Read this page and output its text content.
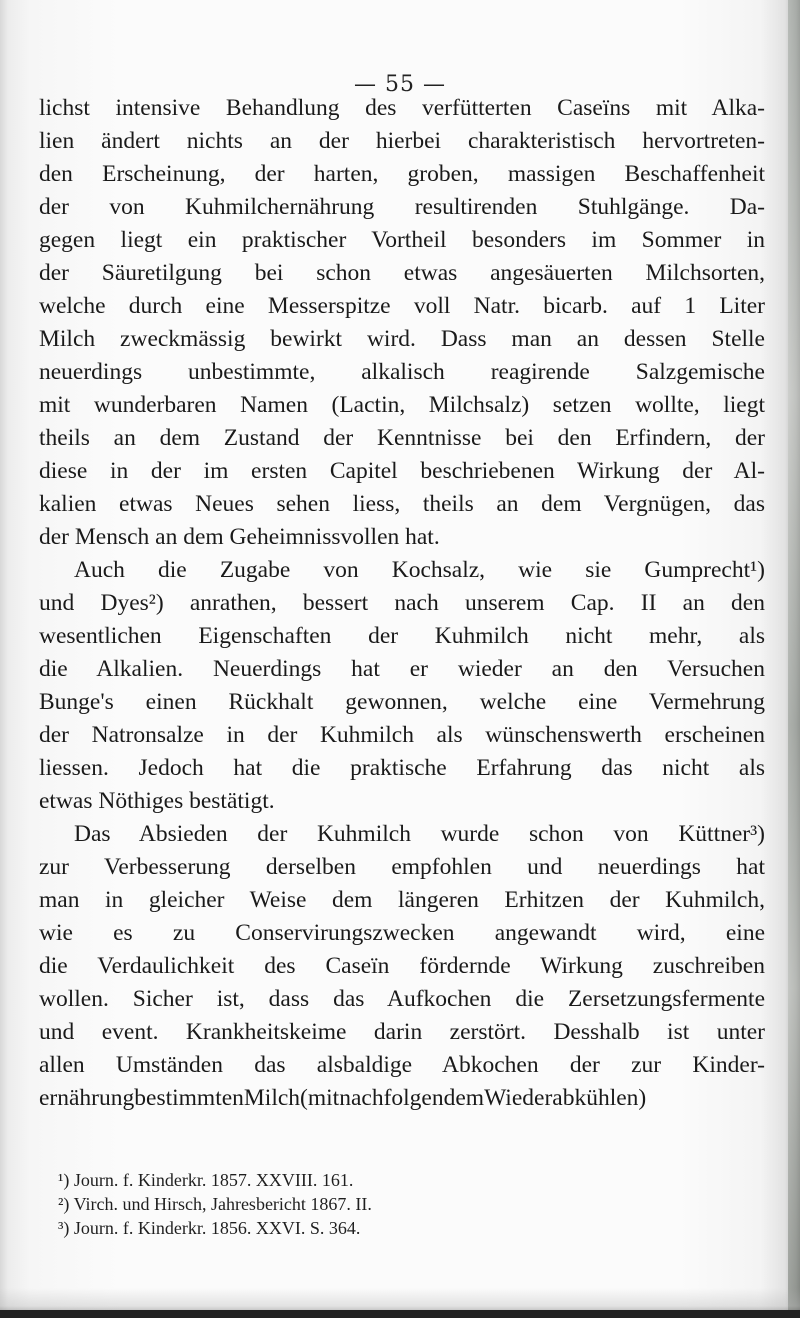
— 55 —
lichst intensive Behandlung des verfütterten Caseïns mit Alka-
lien ändert nichts an der hierbei charakteristisch hervortreten-
den Erscheinung, der harten, groben, massigen Beschaffenheit
der von Kuhmilchernährung resultirenden Stuhlgänge. Da-
gegen liegt ein praktischer Vortheil besonders im Sommer in
der Säuretilgung bei schon etwas angesäuerten Milchsorten,
welche durch eine Messerspitze voll Natr. bicarb. auf 1 Liter
Milch zweckmässig bewirkt wird. Dass man an dessen Stelle
neuerdings unbestimmte, alkalisch reagirende Salzgemische
mit wunderbaren Namen (Lactin, Milchsalz) setzen wollte, liegt
theils an dem Zustand der Kenntnisse bei den Erfindern, der
diese in der im ersten Capitel beschriebenen Wirkung der Al-
kalien etwas Neues sehen liess, theils an dem Vergnügen, das
der Mensch an dem Geheimnissvollen hat.
Auch die Zugabe von Kochsalz, wie sie Gumprecht¹)
und Dyes²) anrathen, bessert nach unserem Cap. II an den
wesentlichen Eigenschaften der Kuhmilch nicht mehr, als
die Alkalien. Neuerdings hat er wieder an den Versuchen
Bunge's einen Rückhalt gewonnen, welche eine Vermehrung
der Natronsalze in der Kuhmilch als wünschenswerth erscheinen
liessen. Jedoch hat die praktische Erfahrung das nicht als
etwas Nöthiges bestätigt.
Das Absieden der Kuhmilch wurde schon von Küttner³)
zur Verbesserung derselben empfohlen und neuerdings hat
man in gleicher Weise dem längeren Erhitzen der Kuhmilch,
wie es zu Conservirungszwecken angewandt wird, eine
die Verdaulichkeit des Caseïn fördernde Wirkung zuschreiben
wollen. Sicher ist, dass das Aufkochen die Zersetzungsfermente
und event. Krankheitskeime darin zerstört. Desshalb ist unter
allen Umständen das alsbaldige Abkochen der zur Kinder-
ernährungbestimmtenMilch(mitnachfolgendemWiederabkühlen)
¹) Journ. f. Kinderkr. 1857. XXVIII. 161.
²) Virch. und Hirsch, Jahresbericht 1867. II.
³) Journ. f. Kinderkr. 1856. XXVI. S. 364.
